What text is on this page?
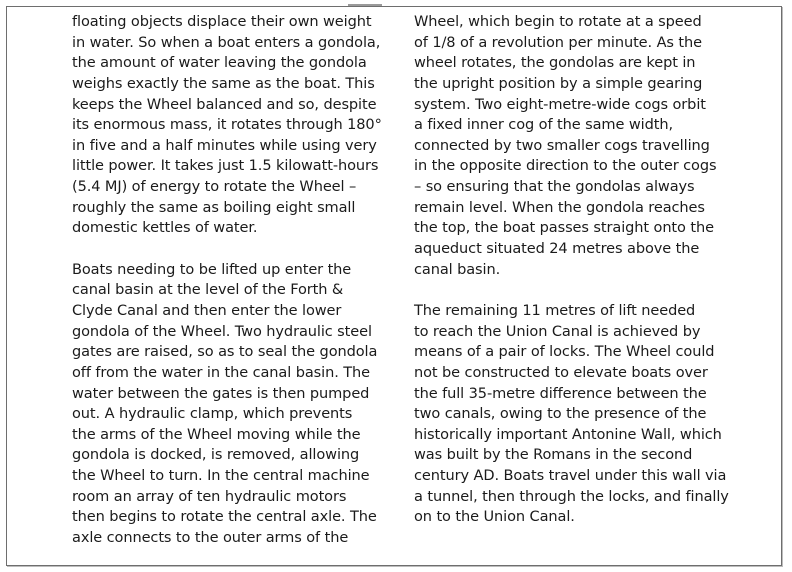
floating objects displace their own weight
in water. So when a boat enters a gondola,
the amount of water leaving the gondola
weighs exactly the same as the boat. This
keeps the Wheel balanced and so, despite
its enormous mass, it rotates through 180°
in five and a half minutes while using very
little power. It takes just 1.5 kilowatt-hours
(5.4 MJ) of energy to rotate the Wheel –
roughly the same as boiling eight small
domestic kettles of water.
Boats needing to be lifted up enter the
canal basin at the level of the Forth &
Clyde Canal and then enter the lower
gondola of the Wheel. Two hydraulic steel
gates are raised, so as to seal the gondola
off from the water in the canal basin. The
water between the gates is then pumped
out. A hydraulic clamp, which prevents
the arms of the Wheel moving while the
gondola is docked, is removed, allowing
the Wheel to turn. In the central machine
room an array of ten hydraulic motors
then begins to rotate the central axle. The
axle connects to the outer arms of the
Wheel, which begin to rotate at a speed
of 1/8 of a revolution per minute. As the
wheel rotates, the gondolas are kept in
the upright position by a simple gearing
system. Two eight-metre-wide cogs orbit
a fixed inner cog of the same width,
connected by two smaller cogs travelling
in the opposite direction to the outer cogs
– so ensuring that the gondolas always
remain level. When the gondola reaches
the top, the boat passes straight onto the
aqueduct situated 24 metres above the
canal basin.
The remaining 11 metres of lift needed
to reach the Union Canal is achieved by
means of a pair of locks. The Wheel could
not be constructed to elevate boats over
the full 35-metre difference between the
two canals, owing to the presence of the
historically important Antonine Wall, which
was built by the Romans in the second
century AD. Boats travel under this wall via
a tunnel, then through the locks, and finally
on to the Union Canal.
